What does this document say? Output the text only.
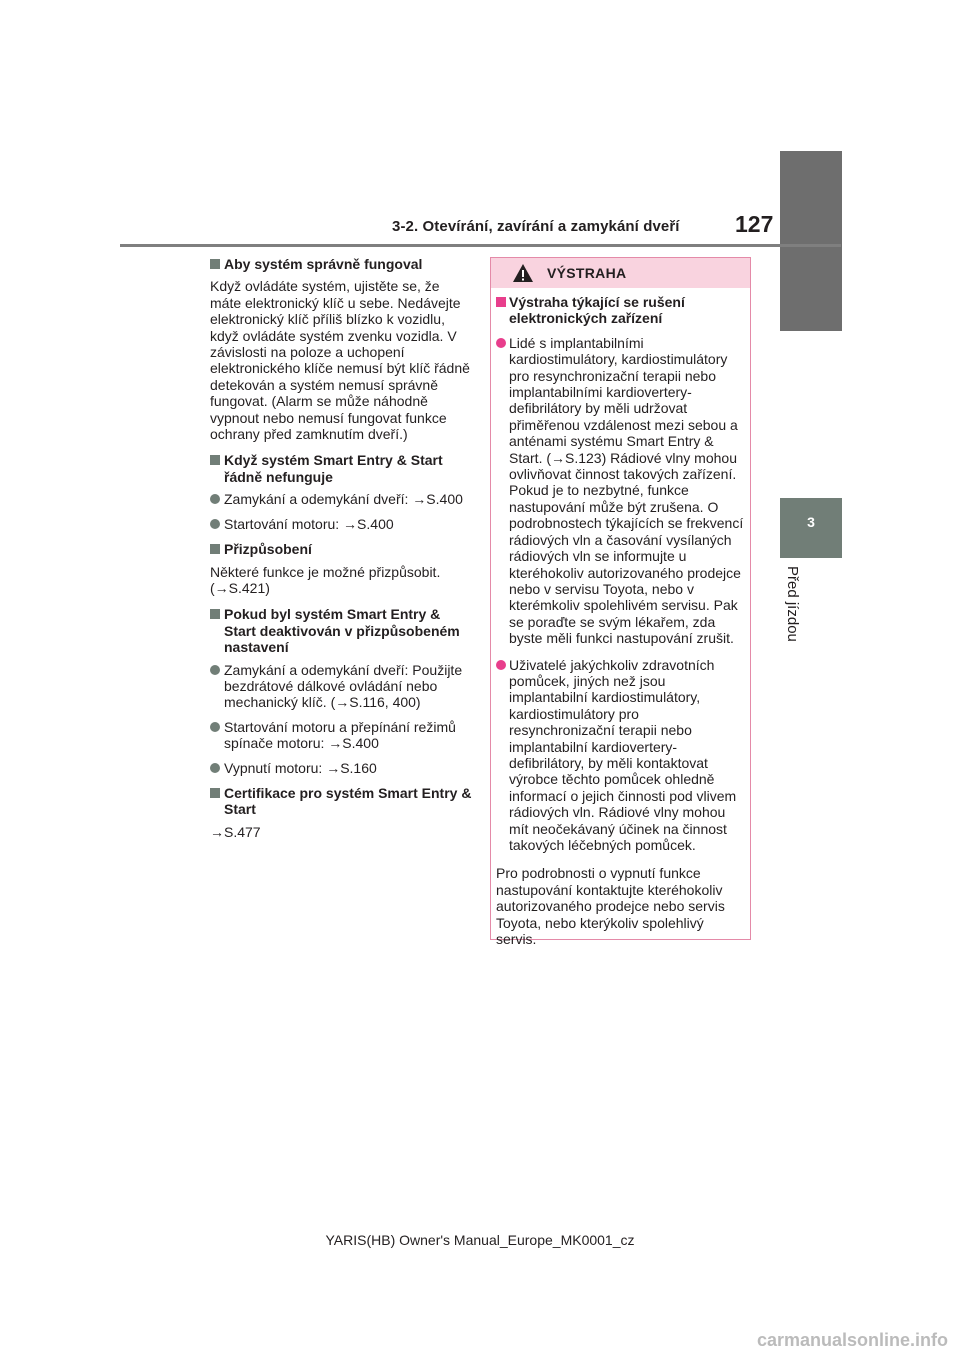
3-2. Otevírání, zavírání a zamykání dveří 127
3
Před jízdou
Aby systém správně fungoval
Když ovládáte systém, ujistěte se, že máte elektronický klíč u sebe. Nedávejte elektronický klíč příliš blízko k vozidlu, když ovládáte systém zvenku vozidla. V závislosti na poloze a uchopení elektronického klíče nemusí být klíč řádně detekován a systém nemusí správně fungovat. (Alarm se může náhodně vypnout nebo nemusí fungovat funkce ochrany před zamknutím dveří.)
Když systém Smart Entry & Start řádně nefunguje
Zamykání a odemykání dveří: →S.400
Startování motoru: →S.400
Přizpůsobení
Některé funkce je možné přizpůsobit. (→S.421)
Pokud byl systém Smart Entry & Start deaktivován v přizpůsobeném nastavení
Zamykání a odemykání dveří: Použijte bezdrátové dálkové ovládání nebo mechanický klíč. (→S.116, 400)
Startování motoru a přepínání režimů spínače motoru: →S.400
Vypnutí motoru: →S.160
Certifikace pro systém Smart Entry & Start
→S.477
VÝSTRAHA
Výstraha týkající se rušení elektronických zařízení
Lidé s implantabilními kardiostimulátory, kardiostimulátory pro resynchronizační terapii nebo implantabilními kardiovertery-defibrilátory by měli udržovat přiměřenou vzdálenost mezi sebou a anténami systému Smart Entry & Start. (→S.123) Rádiové vlny mohou ovlivňovat činnost takových zařízení. Pokud je to nezbytné, funkce nastupování může být zrušena. O podrobnostech týkajících se frekvencí rádiových vln a časování vysílaných rádiových vln se informujte u kteréhokoliv autorizovaného prodejce nebo v servisu Toyota, nebo v kterémkoliv spolehlivém servisu. Pak se poraďte se svým lékařem, zda byste měli funkci nastupování zrušit.
Uživatelé jakýchkoliv zdravotních pomůcek, jiných než jsou implantabilní kardiostimulátory, kardiostimulátory pro resynchronizační terapii nebo implantabilní kardiovertery-defibrilátory, by měli kontaktovat výrobce těchto pomůcek ohledně informací o jejich činnosti pod vlivem rádiových vln. Rádiové vlny mohou mít neočekávaný účinek na činnost takových léčebných pomůcek.
Pro podrobnosti o vypnutí funkce nastupování kontaktujte kteréhokoliv autorizovaného prodejce nebo servis Toyota, nebo kterýkoliv spolehlivý servis.
YARIS(HB) Owner's Manual_Europe_MK0001_cz
carmanualsonline.info
